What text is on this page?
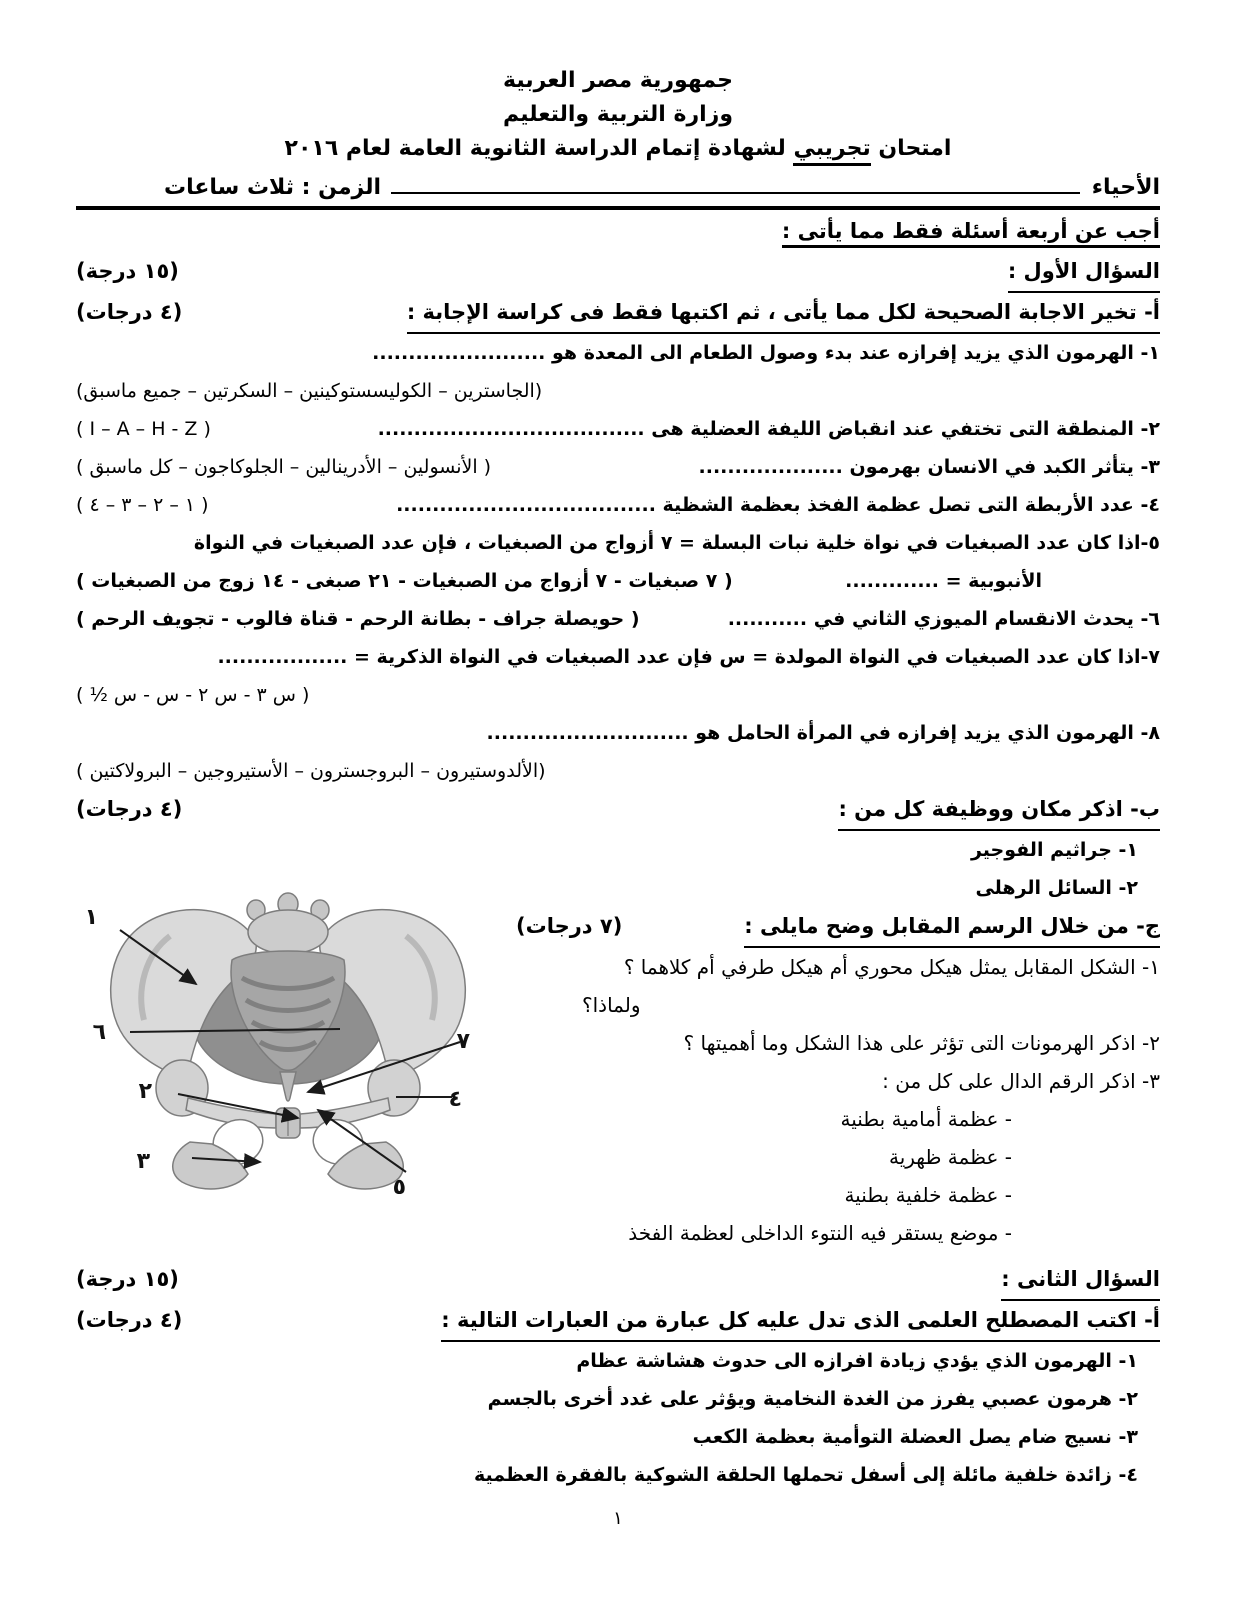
جمهورية مصر العربية
وزارة التربية والتعليم
امتحان تجريبي لشهادة إتمام الدراسة الثانوية العامة لعام ٢٠١٦
الأحياء
الزمن : ثلاث ساعات
أجب عن أربعة أسئلة فقط مما يأتى :
السؤال الأول :
(١٥ درجة)
أ- تخير الاجابة الصحيحة لكل مما يأتى ، ثم اكتبها فقط فى كراسة الإجابة :
(٤ درجات)
١- الهرمون الذي يزيد إفرازه عند بدء وصول الطعام الى المعدة هو ........................
(الجاسترين – الكوليسستوكينين – السكرتين – جميع ماسبق)
٢- المنطقة التى تختفي عند انقباض الليفة العضلية هى .....................................
( I – A – H - Z )
٣- يتأثر الكبد في الانسان بهرمون ....................
( الأنسولين – الأدرينالين – الجلوكاجون – كل ماسبق )
٤- عدد الأربطة التى تصل عظمة الفخذ بعظمة الشظية ....................................
( ١ – ٢ – ٣ – ٤ )
٥-اذا كان عدد الصبغيات في نواة خلية نبات البسلة = ٧ أزواج من الصبغيات ، فإن عدد الصبغيات في النواة
الأنبوبية = .............
( ٧ صبغيات - ٧ أزواج من الصبغيات - ٢١ صبغى - ١٤ زوج من الصبغيات )
٦- يحدث الانقسام الميوزي الثاني في ...........
( حويصلة جراف - بطانة الرحم - قناة فالوب - تجويف الرحم )
٧-اذا كان عدد الصبغيات في النواة المولدة = س فإن عدد الصبغيات في النواة الذكرية = ..................
( ½ س - س - ٢ س - ٣ س )
٨- الهرمون الذي يزيد إفرازه في المرأة الحامل هو ............................
(الألدوستيرون – البروجسترون – الأستيروجين – البرولاكتين )
ب- اذكر مكان ووظيفة كل من :
(٤ درجات)
١- جراثيم الفوجير
٢- السائل الرهلى
ج- من خلال الرسم المقابل وضح مايلى :
(٧ درجات)
١- الشكل المقابل يمثل هيكل محوري أم هيكل طرفي أم كلاهما ؟
ولماذا؟
٢- اذكر الهرمونات التى تؤثر على هذا الشكل وما أهميتها ؟
٣- اذكر الرقم الدال على كل من :
- عظمة أمامية بطنية
- عظمة ظهرية
- عظمة خلفية بطنية
- موضع يستقر فيه النتوء الداخلى لعظمة الفخذ
السؤال الثانى :
(١٥ درجة)
أ- اكتب المصطلح العلمى الذى تدل عليه كل عبارة من العبارات التالية :
(٤ درجات)
١- الهرمون الذي يؤدي زيادة افرازه الى حدوث هشاشة عظام
٢- هرمون عصبي يفرز من الغدة النخامية ويؤثر على غدد أخرى بالجسم
٣- نسيج ضام يصل العضلة التوأمية بعظمة الكعب
٤- زائدة خلفية مائلة إلى أسفل تحملها الحلقة الشوكية بالفقرة العظمية
١
١
٦
٢
٣
٧
٤
٥
